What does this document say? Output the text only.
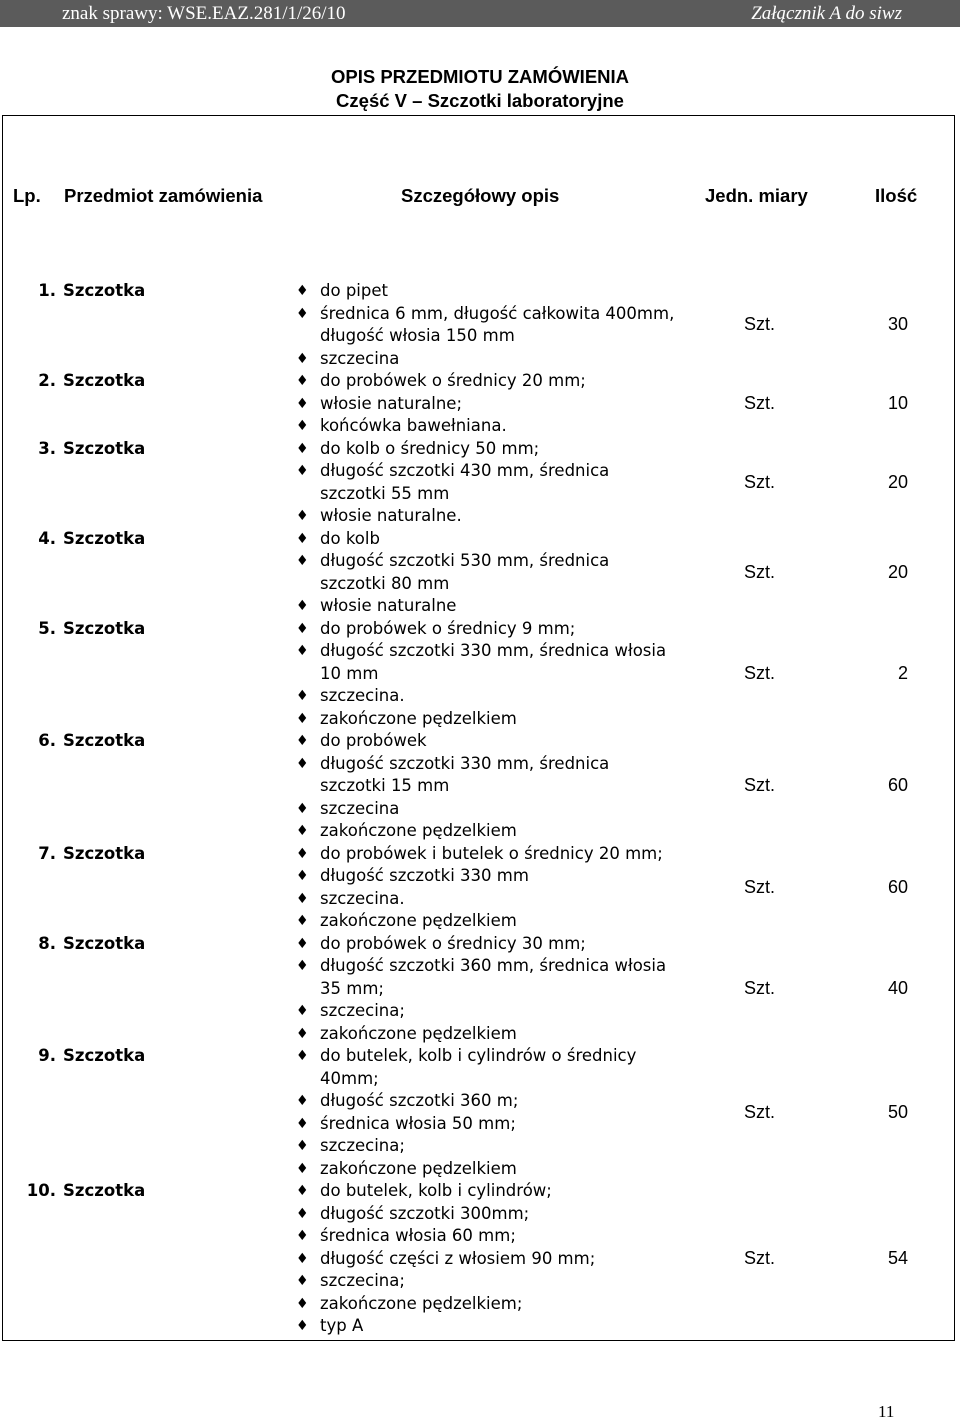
znak sprawy: WSE.EAZ.281/1/26/10	Załącznik A do siwz
OPIS PRZEDMIOTU ZAMÓWIENIA
Część V – Szczotki laboratoryjne
Lp. Przedmiot zamówienia	Szczegółowy opis	Jedn. miary	Ilość
1. Szczotka	♦ do pipet
♦ średnica 6 mm, długość całkowita 400mm,
długość włosia 150 mm
♦ szczecina
Szt.	30
2. Szczotka	♦ do probówek o średnicy 20 mm;
♦ włosie naturalne;
♦ końcówka bawełniana.
Szt.	10
3. Szczotka	♦ do kolb o średnicy 50 mm;
♦ długość szczotki 430 mm, średnica
szczotki 55 mm
♦ włosie naturalne.
Szt.	20
4. Szczotka	♦ do kolb
♦ długość szczotki 530 mm, średnica
szczotki 80 mm
♦ włosie naturalne
Szt.	20
5. Szczotka	♦ do probówek o średnicy 9 mm;
♦ długość szczotki 330 mm, średnica włosia
10 mm
♦ szczecina.
♦ zakończone pędzelkiem
Szt.	2
6. Szczotka	♦ do probówek
♦ długość szczotki 330 mm, średnica
szczotki 15 mm
♦ szczecina
♦ zakończone pędzelkiem
Szt.	60
7. Szczotka	♦ do probówek i butelek o średnicy 20 mm;
♦ długość szczotki 330 mm
♦ szczecina.
♦ zakończone pędzelkiem
Szt.	60
8. Szczotka	♦ do probówek o średnicy 30 mm;
♦ długość szczotki 360 mm, średnica włosia
35 mm;
♦ szczecina;
♦ zakończone pędzelkiem
Szt.	40
9. Szczotka	♦ do butelek, kolb i cylindrów o średnicy
40mm;
♦ długość szczotki 360 m;
♦ średnica włosia 50 mm;
♦ szczecina;
♦ zakończone pędzelkiem
Szt.	50
10. Szczotka	♦ do butelek, kolb i cylindrów;
♦ długość szczotki 300mm;
♦ średnica włosia 60 mm;
♦ długość części z włosiem 90 mm;
♦ szczecina;
♦ zakończone pędzelkiem;
♦ typ A
Szt.	54
11
